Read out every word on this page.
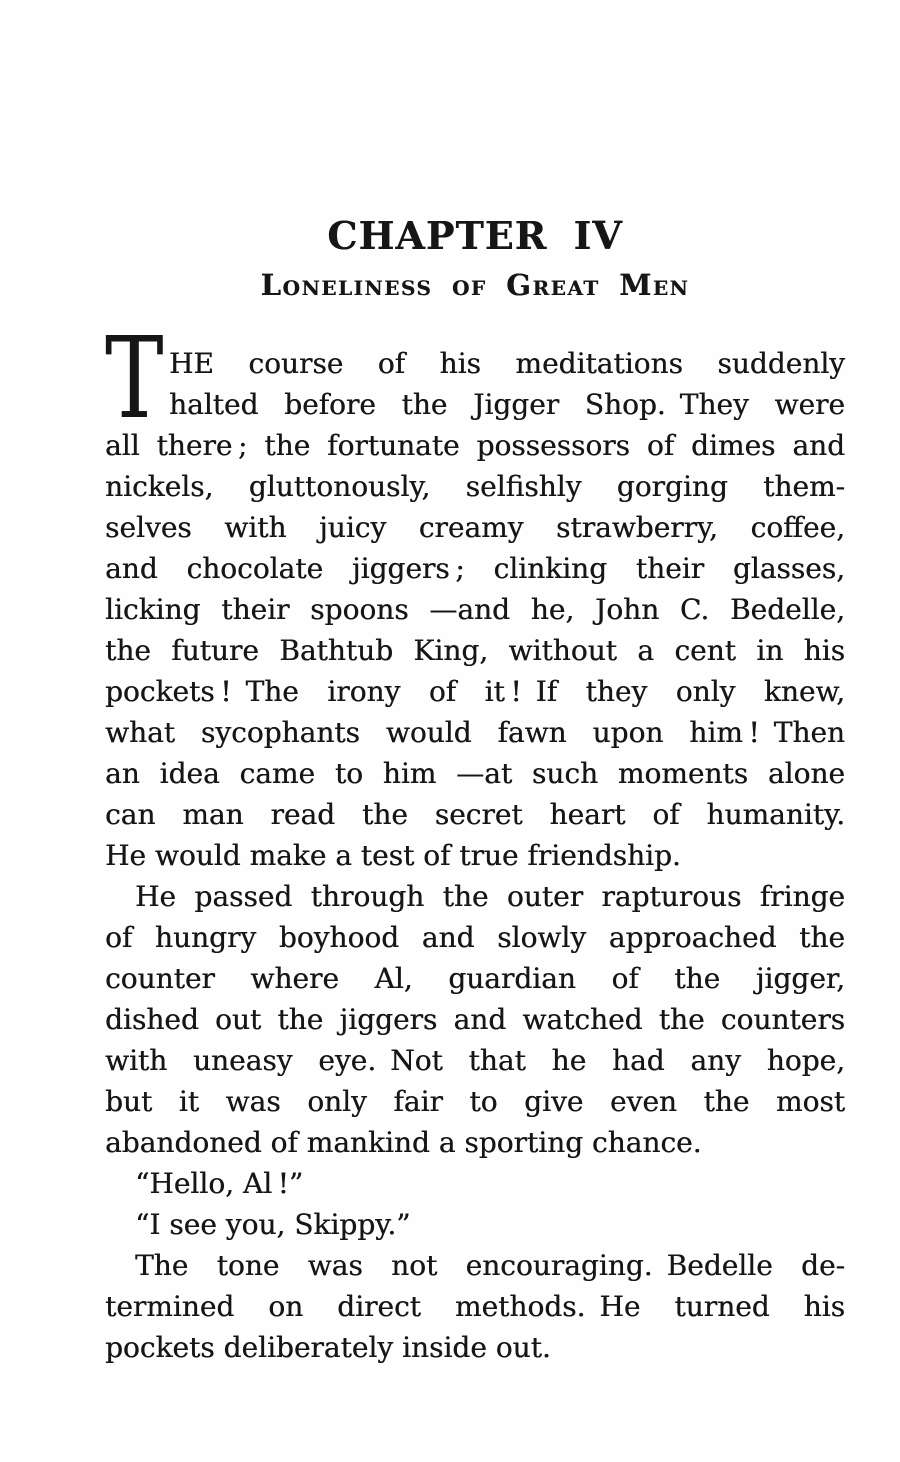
CHAPTER IV
Loneliness of Great Men
T HE course of his meditations suddenly
halted before the Jigger Shop. They were
all there ; the fortunate possessors of dimes and
nickels, gluttonously, selfishly gorging them-
selves with juicy creamy strawberry, coffee,
and chocolate jiggers ; clinking their glasses,
licking their spoons —and he, John C. Bedelle,
the future Bathtub King, without a cent in his
pockets ! The irony of it ! If they only knew,
what sycophants would fawn upon him ! Then
an idea came to him —at such moments alone
can man read the secret heart of humanity.
He would make a test of true friendship.
He passed through the outer rapturous fringe
of hungry boyhood and slowly approached the
counter where Al, guardian of the jigger,
dished out the jiggers and watched the counters
with uneasy eye. Not that he had any hope,
but it was only fair to give even the most
abandoned of mankind a sporting chance.
“Hello, Al !”
“I see you, Skippy.”
The tone was not encouraging. Bedelle de-
termined on direct methods. He turned his
pockets deliberately inside out.
